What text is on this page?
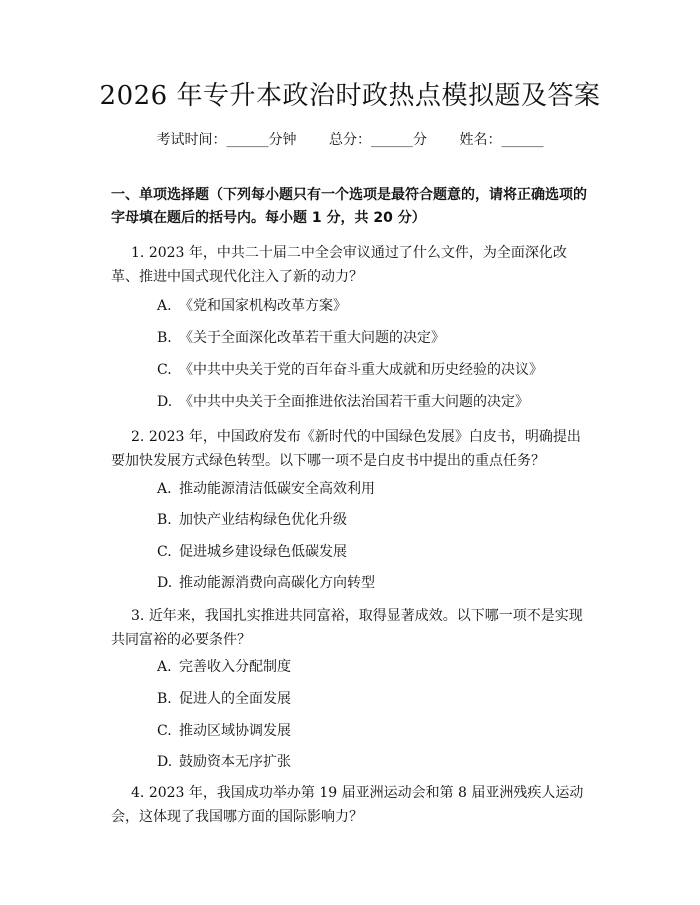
2026 年专升本政治时政热点模拟题及答案
考试时间：______分钟 总分：______分 姓名：______
一、单项选择题（下列每小题只有一个选项是最符合题意的，请将正确选项的字母填在题后的括号内。每小题 1 分，共 20 分）
1. 2023 年，中共二十届二中全会审议通过了什么文件，为全面深化改革、推进中国式现代化注入了新的动力？
A. 《党和国家机构改革方案》
B. 《关于全面深化改革若干重大问题的决定》
C. 《中共中央关于党的百年奋斗重大成就和历史经验的决议》
D. 《中共中央关于全面推进依法治国若干重大问题的决定》
2. 2023 年，中国政府发布《新时代的中国绿色发展》白皮书，明确提出要加快发展方式绿色转型。以下哪一项不是白皮书中提出的重点任务？
A. 推动能源清洁低碳安全高效利用
B. 加快产业结构绿色优化升级
C. 促进城乡建设绿色低碳发展
D. 推动能源消费向高碳化方向转型
3. 近年来，我国扎实推进共同富裕，取得显著成效。以下哪一项不是实现共同富裕的必要条件？
A. 完善收入分配制度
B. 促进人的全面发展
C. 推动区域协调发展
D. 鼓励资本无序扩张
4. 2023 年，我国成功举办第 19 届亚洲运动会和第 8 届亚洲残疾人运动会，这体现了我国哪方面的国际影响力？
